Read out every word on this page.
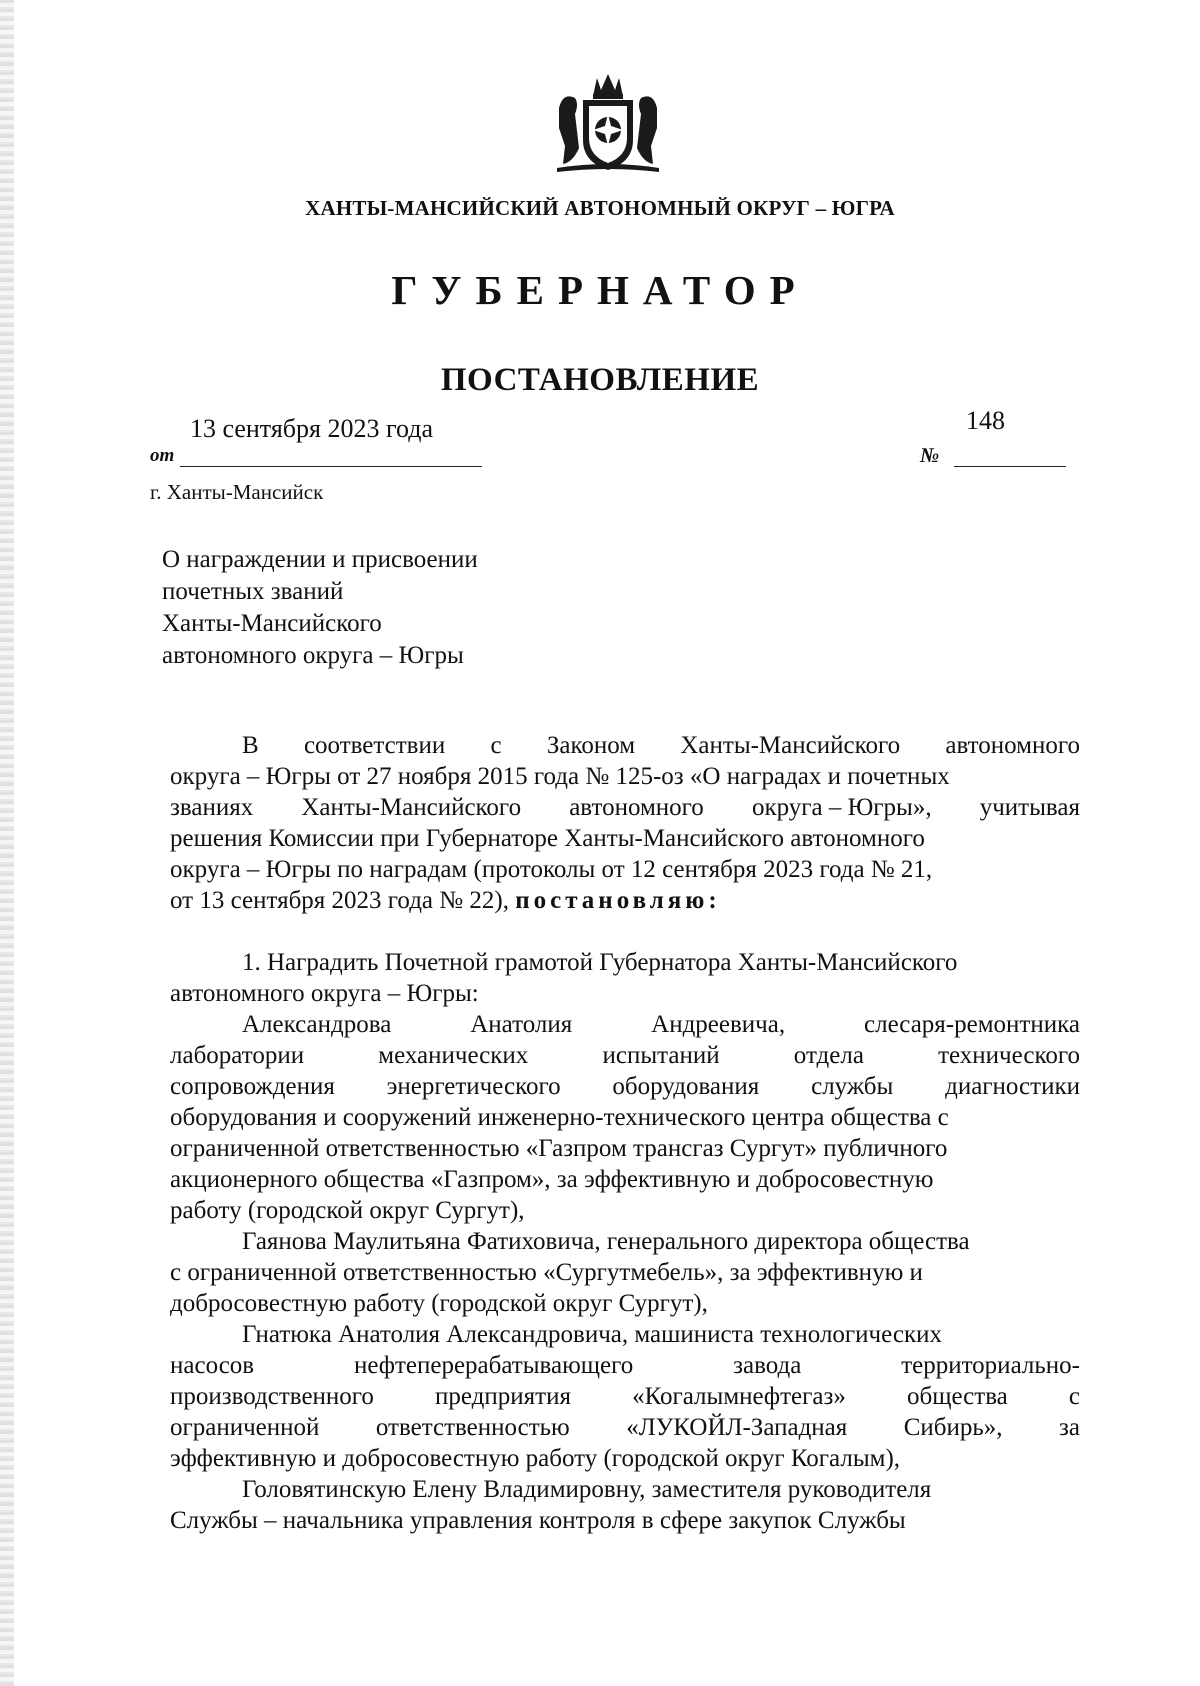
ХАНТЫ-МАНСИЙСКИЙ АВТОНОМНЫЙ ОКРУГ – ЮГРА
ГУБЕРНАТОР
ПОСТАНОВЛЕНИЕ
13 сентября 2023 года
от
148
№
г. Ханты-Мансийск
О награждении и присвоении
почетных званий
Ханты-Мансийского
автономного округа – Югры
В соответствии с Законом Ханты-Мансийского автономного
округа – Югры от 27 ноября 2015 года № 125-оз «О наградах и почетных
званиях Ханты-Мансийского автономного округа – Югры», учитывая
решения Комиссии при Губернаторе Ханты-Мансийского автономного
округа – Югры по наградам (протоколы от 12 сентября 2023 года № 21,
от 13 сентября 2023 года № 22), постановляю:
1. Наградить Почетной грамотой Губернатора Ханты-Мансийского
автономного округа – Югры:
Александрова	Анатолия	Андреевича,	слесаря-ремонтника
лаборатории	механических	испытаний	отдела	технического
сопровождения энергетического оборудования службы диагностики
оборудования и сооружений инженерно-технического центра общества с
ограниченной ответственностью «Газпром трансгаз Сургут» публичного
акционерного общества «Газпром», за эффективную и добросовестную
работу (городской округ Сургут),
Гаянова Маулитьяна Фатиховича, генерального директора общества
с ограниченной ответственностью «Сургутмебель», за эффективную и
добросовестную работу (городской округ Сургут),
Гнатюка Анатолия Александровича, машиниста технологических
насосов	нефтеперерабатывающего	завода	территориально-
производственного предприятия «Когалымнефтегаз» общества с
ограниченной ответственностью «ЛУКОЙЛ-Западная Сибирь», за
эффективную и добросовестную работу (городской округ Когалым),
Головятинскую Елену Владимировну, заместителя руководителя
Службы – начальника управления контроля в сфере закупок Службы
